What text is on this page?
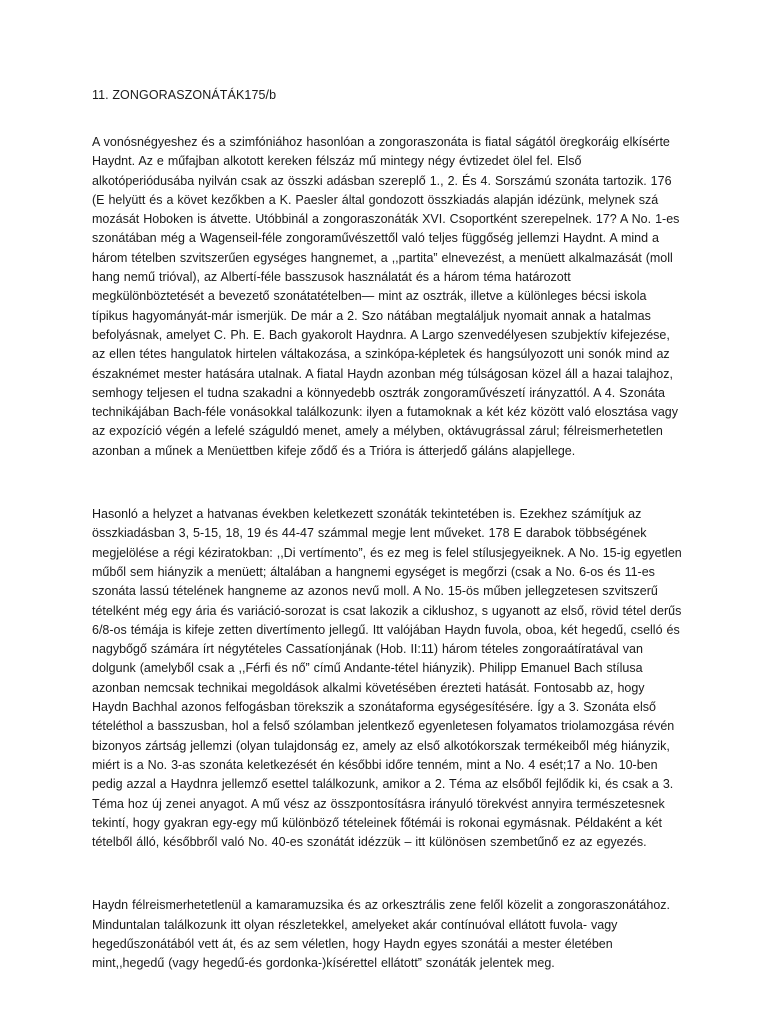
11. ZONGORASZONÁTÁK175/b

A vonósnégyeshez és a szimfóniához hasonlóan a zongoraszonáta is fiatal ságától öregkoráig elkísérte Haydnt. Az e műfajban alkotott kereken félszáz mű mintegy négy évtizedet ölel fel. Első alkotóperiódusába nyilván csak az összki adásban szereplő 1., 2. És 4. Sorszámú szonáta tartozik. 176 (E helyütt és a követ kezőkben a K. Paesler által gondozott összkiadás alapján idézünk, melynek szá mozását Hoboken is átvette. Utóbbinál a zongoraszonáták XVI. Csoportként szerepelnek. 17? A No. 1-es szonátában még a Wagenseil-féle zongoraművészettől való teljes függőség jellemzi Haydnt. A mind a három tételben szvitszerűen egységes hangnemet, a ,,partita” elnevezést, a menüett alkalmazását (moll hang nemű trióval), az Albertí-féle basszusok használatát és a három téma határozott megkülönböztetését a bevezető szonátatételben— mint az osztrák, illetve a különleges bécsi iskola típikus hagyományát-már ismerjük. De már a 2. Szo nátában megtaláljuk nyomait annak a hatalmas befolyásnak, amelyet C. Ph. E. Bach gyakorolt Haydnra. A Largo szenvedélyesen szubjektív kifejezése, az ellen tétes hangulatok hirtelen váltakozása, a szinkópa-képletek és hangsúlyozott uni sonók mind az északnémet mester hatására utalnak. A fiatal Haydn azonban még túlságosan közel áll a hazai talajhoz, semhogy teljesen el tudna szakadni a könnyedebb osztrák zongoraművészetí irányzattól. A 4. Szonáta technikájában Bach-féle vonásokkal találkozunk: ilyen a futamoknak a két kéz között való elosztása vagy az expozíció végén a lefelé száguldó menet, amely a mélyben, oktávugrással zárul; félreismerhetetlen azonban a műnek a Menüettben kifeje ződő és a Trióra is átterjedő gáláns alapjellege.

Hasonló a helyzet a hatvanas években keletkezett szonáták tekintetében is. Ezekhez számítjuk az összkiadásban 3, 5-15, 18, 19 és 44-47 számmal megje lent műveket. 178 E darabok többségének megjelölése a régi kéziratokban: ,,Di vertímento”, és ez meg is felel stílusjegyeiknek. A No. 15-ig egyetlen műből sem hiányzik a menüett; általában a hangnemi egységet is megőrzi (csak a No. 6-os és 11-es szonáta lassú tételének hangneme az azonos nevű moll. A No. 15-ös műben jellegzetesen szvitszerű tételként még egy ária és variáció-sorozat is csat lakozik a ciklushoz, s ugyanott az első, rövid tétel derűs 6/8-os témája is kifeje zetten divertímento jellegű. Itt valójában Haydn fuvola, oboa, két hegedű, cselló és nagybőgő számára írt négytételes Cassatíonjának (Hob. II:11) három tételes zongoraátíratával van dolgunk (amelyből csak a ,,Férfi és nő” című Andante-tétel hiányzik). Philipp Emanuel Bach stílusa azonban nemcsak technikai megoldások alkalmi követésében érezteti hatását. Fontosabb az, hogy Haydn Bachhal azonos felfogásban törekszik a szonátaforma egységesítésére. Így a 3. Szonáta első tételéthol a basszusban, hol a felső szólamban jelentkező egyenletesen folyamatos triolamozgása révén bizonyos zártság jellemzi (olyan tulajdonság ez, amely az első alkotókorszak termékeiből még hiányzik, miért is a No. 3-as szonáta keletkezését én későbbi időre tenném, mint a No. 4 esét;17 a No. 10-ben pedig azzal a Haydnra jellemző esettel találkozunk, amikor a 2. Téma az elsőből fejlődik ki, és csak a 3. Téma hoz új zenei anyagot. A mű vész az összpontosításra irányuló törekvést annyira természetesnek tekintí, hogy gyakran egy-egy mű különböző tételeinek főtémái is rokonai egymásnak. Példaként a két tételből álló, későbbről való No. 40-es szonátát idézzük – itt különösen szembetűnő ez az egyezés.

Haydn félreismerhetetlenül a kamaramuzsika és az orkesztrális zene felől közelit a zongoraszonátához. Minduntalan találkozunk itt olyan részletekkel, amelyeket akár contínuóval ellátott fuvola- vagy hegedűszonátából vett át, és az sem véletlen, hogy Haydn egyes szonátái a mester életében mint,,hegedű (vagy hegedű-és gordonka-)kísérettel ellátott” szonáták jelentek meg.
